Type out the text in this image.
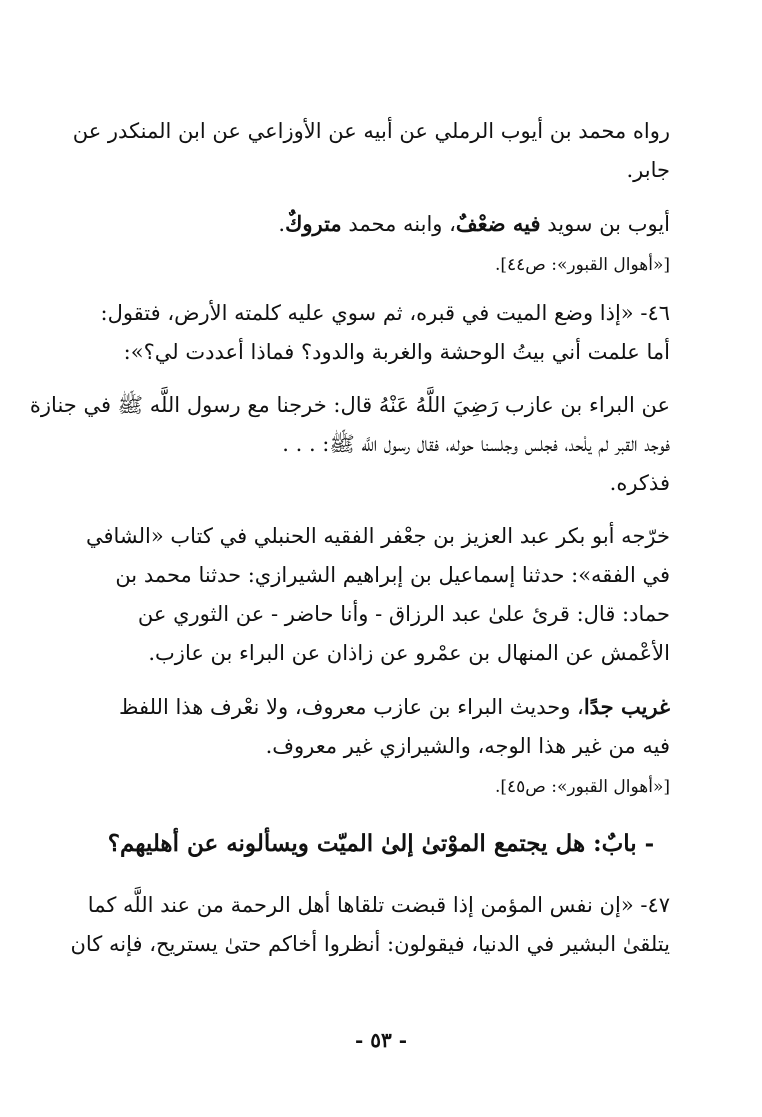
رواه محمد بن أيوب الرملي عن أبيه عن الأوزاعي عن ابن المنكدر عن
جابر.

أيوب بن سويد فيه ضعْفٌ، وابنه محمد متروكٌ.

[«أهوال القبور»: ص٤٤].

٤٦- «إذا وضع الميت في قبره، ثم سوي عليه كلمته الأرض، فتقول:
أما علمت أني بيتُ الوحشة والغربة والدود؟ فماذا أعددت لي؟»:

عن البراء بن عازب رَضِيَ اللَّهُ عَنْهُ قال: خرجنا مع رسول اللَّه ﷺ في جنازة
فوجد القبر لم يلْحد، فجلس وجلسنا حوله، فقال رسول اللَّه ﷺ: . . .
فذكره.

خرّجه أبو بكر عبد العزيز بن جعْفر الفقيه الحنبلي في كتاب «الشافي
في الفقه»: حدثنا إسماعيل بن إبراهيم الشيرازي: حدثنا محمد بن
حماد: قال: قرئ علىٰ عبد الرزاق - وأنا حاضر - عن الثوري عن
الأعْمش عن المنهال بن عمْرو عن زاذان عن البراء بن عازب.

غريب جدًا، وحديث البراء بن عازب معروف، ولا نعْرف هذا اللفظ
فيه من غير هذا الوجه، والشيرازي غير معروف.

[«أهوال القبور»: ص٤٥].

- بابٌ: هل يجتمع الموْتىٰ إلىٰ الميّت ويسألونه عن أهليهم؟

٤٧- «إن نفس المؤمن إذا قبضت تلقاها أهل الرحمة من عند اللَّه كما
يتلقىٰ البشير في الدنيا، فيقولون: أنظروا أخاكم حتىٰ يستريح، فإنه كان

- ٥٣ -
